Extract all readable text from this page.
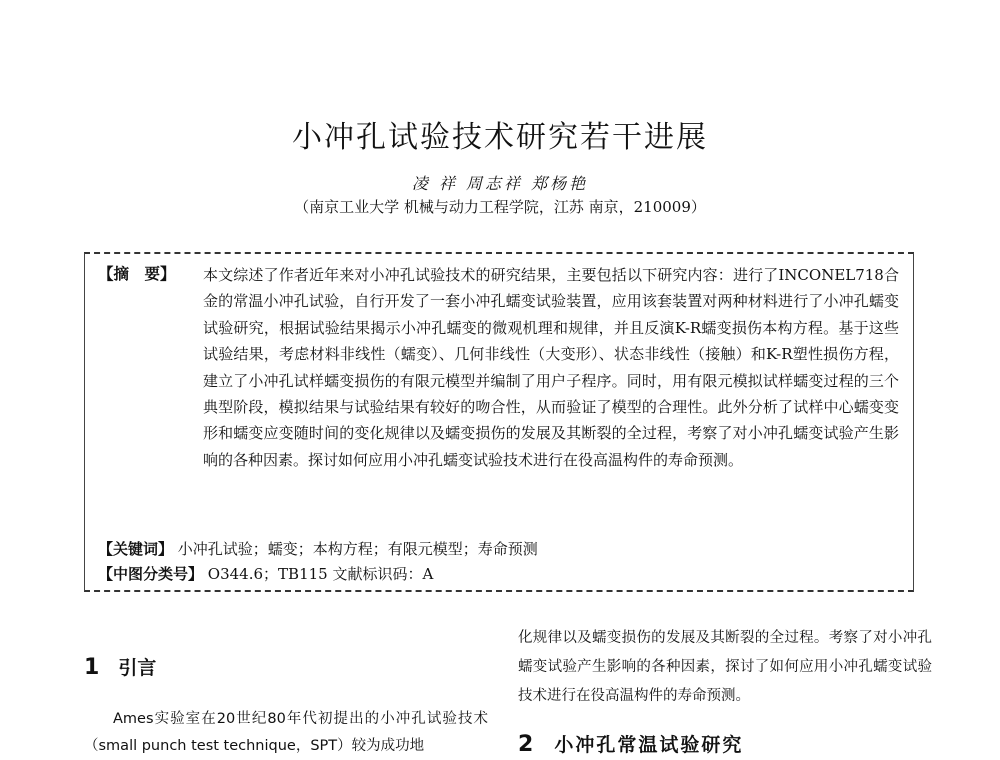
小冲孔试验技术研究若干进展
凌 祥 周志祥 郑杨艳
（南京工业大学 机械与动力工程学院，江苏 南京，210009）
【摘　要】 本文综述了作者近年来对小冲孔试验技术的研究结果，主要包括以下研究内容：进行了INCONEL718合金的常温小冲孔试验，自行开发了一套小冲孔蠕变试验装置，应用该套装置对两种材料进行了小冲孔蠕变试验研究，根据试验结果揭示小冲孔蠕变的微观机理和规律，并且反演K-R蠕变损伤本构方程。基于这些试验结果，考虑材料非线性（蠕变）、几何非线性（大变形）、状态非线性（接触）和K-R塑性损伤方程，建立了小冲孔试样蠕变损伤的有限元模型并编制了用户子程序。同时，用有限元模拟试样蠕变过程的三个典型阶段，模拟结果与试验结果有较好的吻合性，从而验证了模型的合理性。此外分析了试样中心蠕变变形和蠕变应变随时间的变化规律以及蠕变损伤的发展及其断裂的全过程，考察了对小冲孔蠕变试验产生影响的各种因素。探讨如何应用小冲孔蠕变试验技术进行在役高温构件的寿命预测。
【关键词】 小冲孔试验；蠕变；本构方程；有限元模型；寿命预测
【中图分类号】 O344.6；TB115 文献标识码：A
1 引言
Ames实验室在20世纪80年代初提出的小冲孔试验技术（small punch test technique，SPT）较为成功地
化规律以及蠕变损伤的发展及其断裂的全过程。考察了对小冲孔蠕变试验产生影响的各种因素，探讨了如何应用小冲孔蠕变试验技术进行在役高温构件的寿命预测。
2 小冲孔常温试验研究
